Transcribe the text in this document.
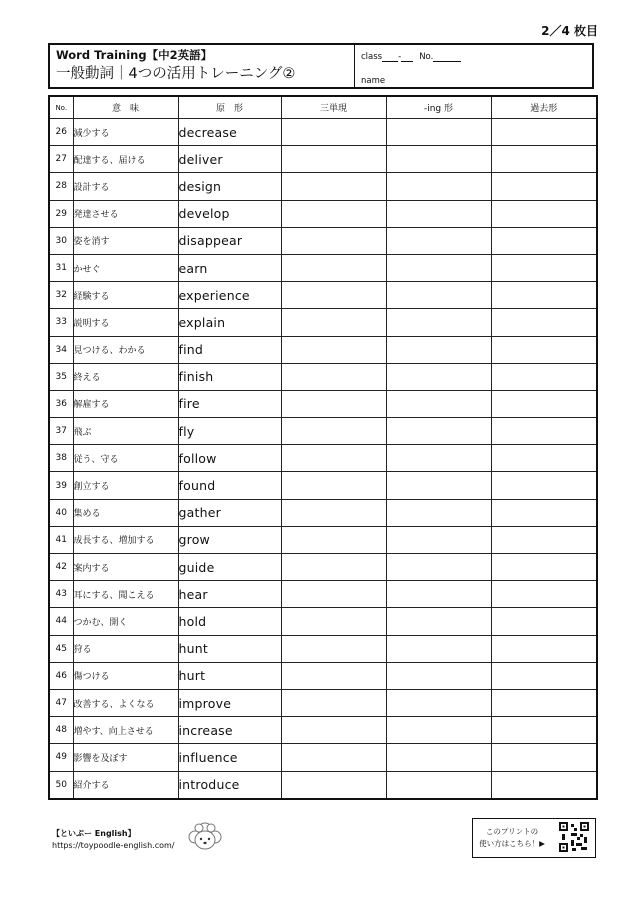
2／4 枚目
Word Training【中2英語】
一般動詞｜4つの活用トレーニング②
class - No.
name
No.	意　味	原　形	三単現	-ing 形	過去形
26	減少する	decrease			
27	配達する、届ける	deliver			
28	設計する	design			
29	発達させる	develop			
30	姿を消す	disappear			
31	かせぐ	earn			
32	経験する	experience			
33	説明する	explain			
34	見つける、わかる	find			
35	終える	finish			
36	解雇する	fire			
37	飛ぶ	fly			
38	従う、守る	follow			
39	創立する	found			
40	集める	gather			
41	成長する、増加する	grow			
42	案内する	guide			
43	耳にする、聞こえる	hear			
44	つかむ、開く	hold			
45	狩る	hunt			
46	傷つける	hurt			
47	改善する、よくなる	improve			
48	増やす、向上させる	increase			
49	影響を及ぼす	influence			
50	紹介する	introduce			
【といぷー English】
https://toypoodle-english.com/
このプリントの
使い方はこちら！▶
